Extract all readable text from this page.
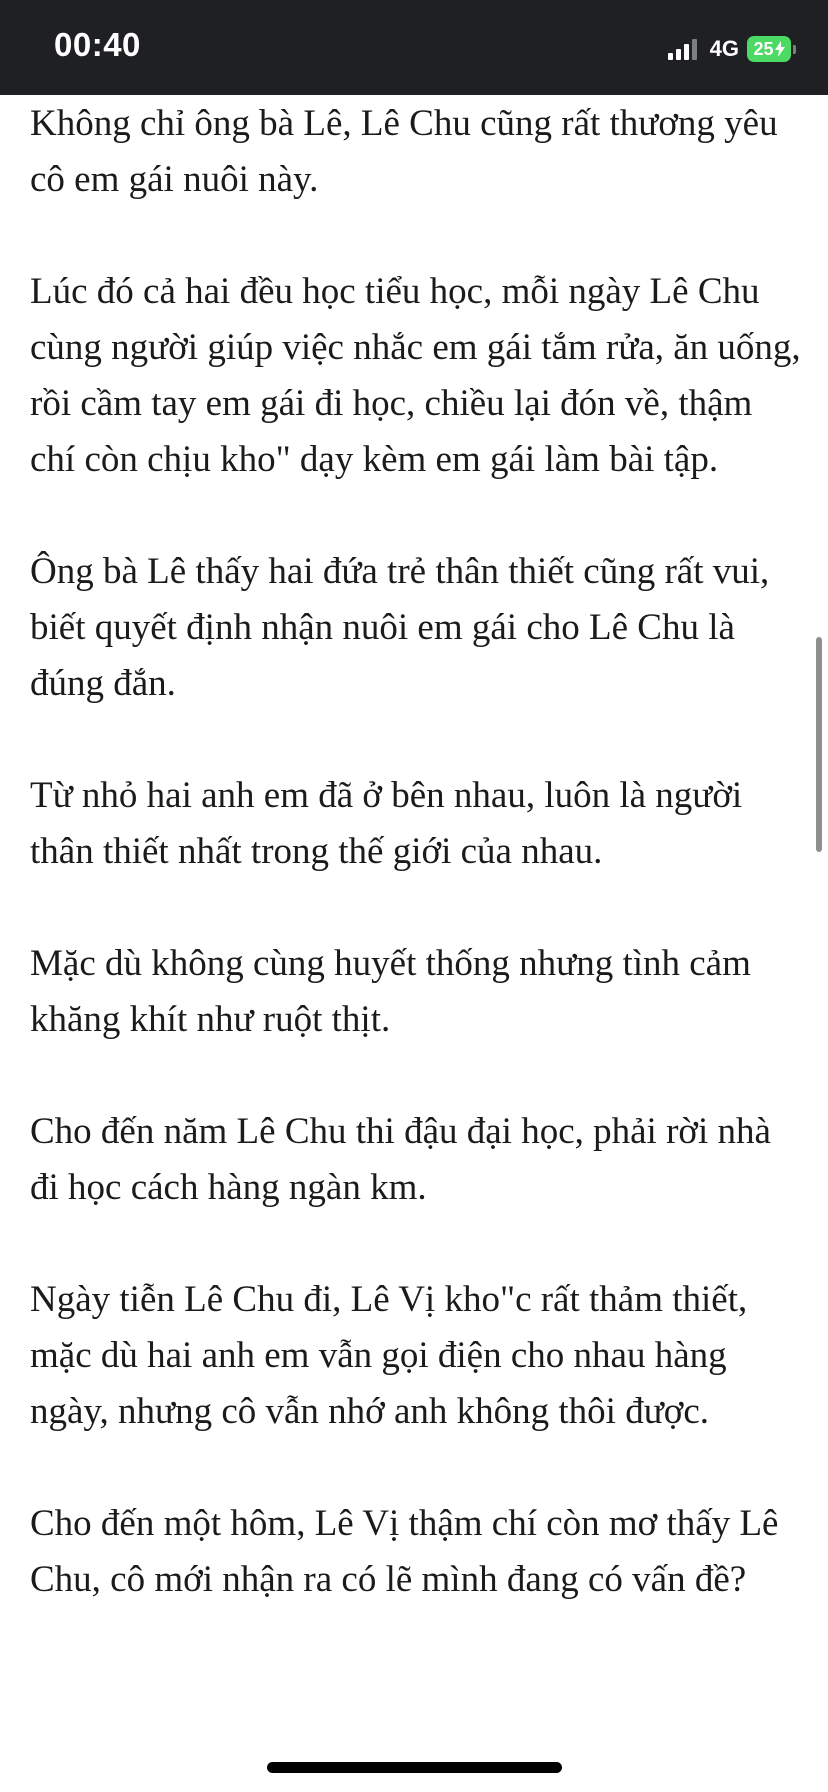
00:40	4G 25

Không chỉ ông bà Lê, Lê Chu cũng rất thương yêu cô em gái nuôi này.

Lúc đó cả hai đều học tiểu học, mỗi ngày Lê Chu cùng người giúp việc nhắc em gái tắm rửa, ăn uống, rồi cầm tay em gái đi học, chiều lại đón về, thậm chí còn chịu kho" dạy kèm em gái làm bài tập.

Ông bà Lê thấy hai đứa trẻ thân thiết cũng rất vui, biết quyết định nhận nuôi em gái cho Lê Chu là đúng đắn.

Từ nhỏ hai anh em đã ở bên nhau, luôn là người thân thiết nhất trong thế giới của nhau.

Mặc dù không cùng huyết thống nhưng tình cảm khăng khít như ruột thịt.

Cho đến năm Lê Chu thi đậu đại học, phải rời nhà đi học cách hàng ngàn km.

Ngày tiễn Lê Chu đi, Lê Vị kho"c rất thảm thiết, mặc dù hai anh em vẫn gọi điện cho nhau hàng ngày, nhưng cô vẫn nhớ anh không thôi được.

Cho đến một hôm, Lê Vị thậm chí còn mơ thấy Lê Chu, cô mới nhận ra có lẽ mình đang có vấn đề?
